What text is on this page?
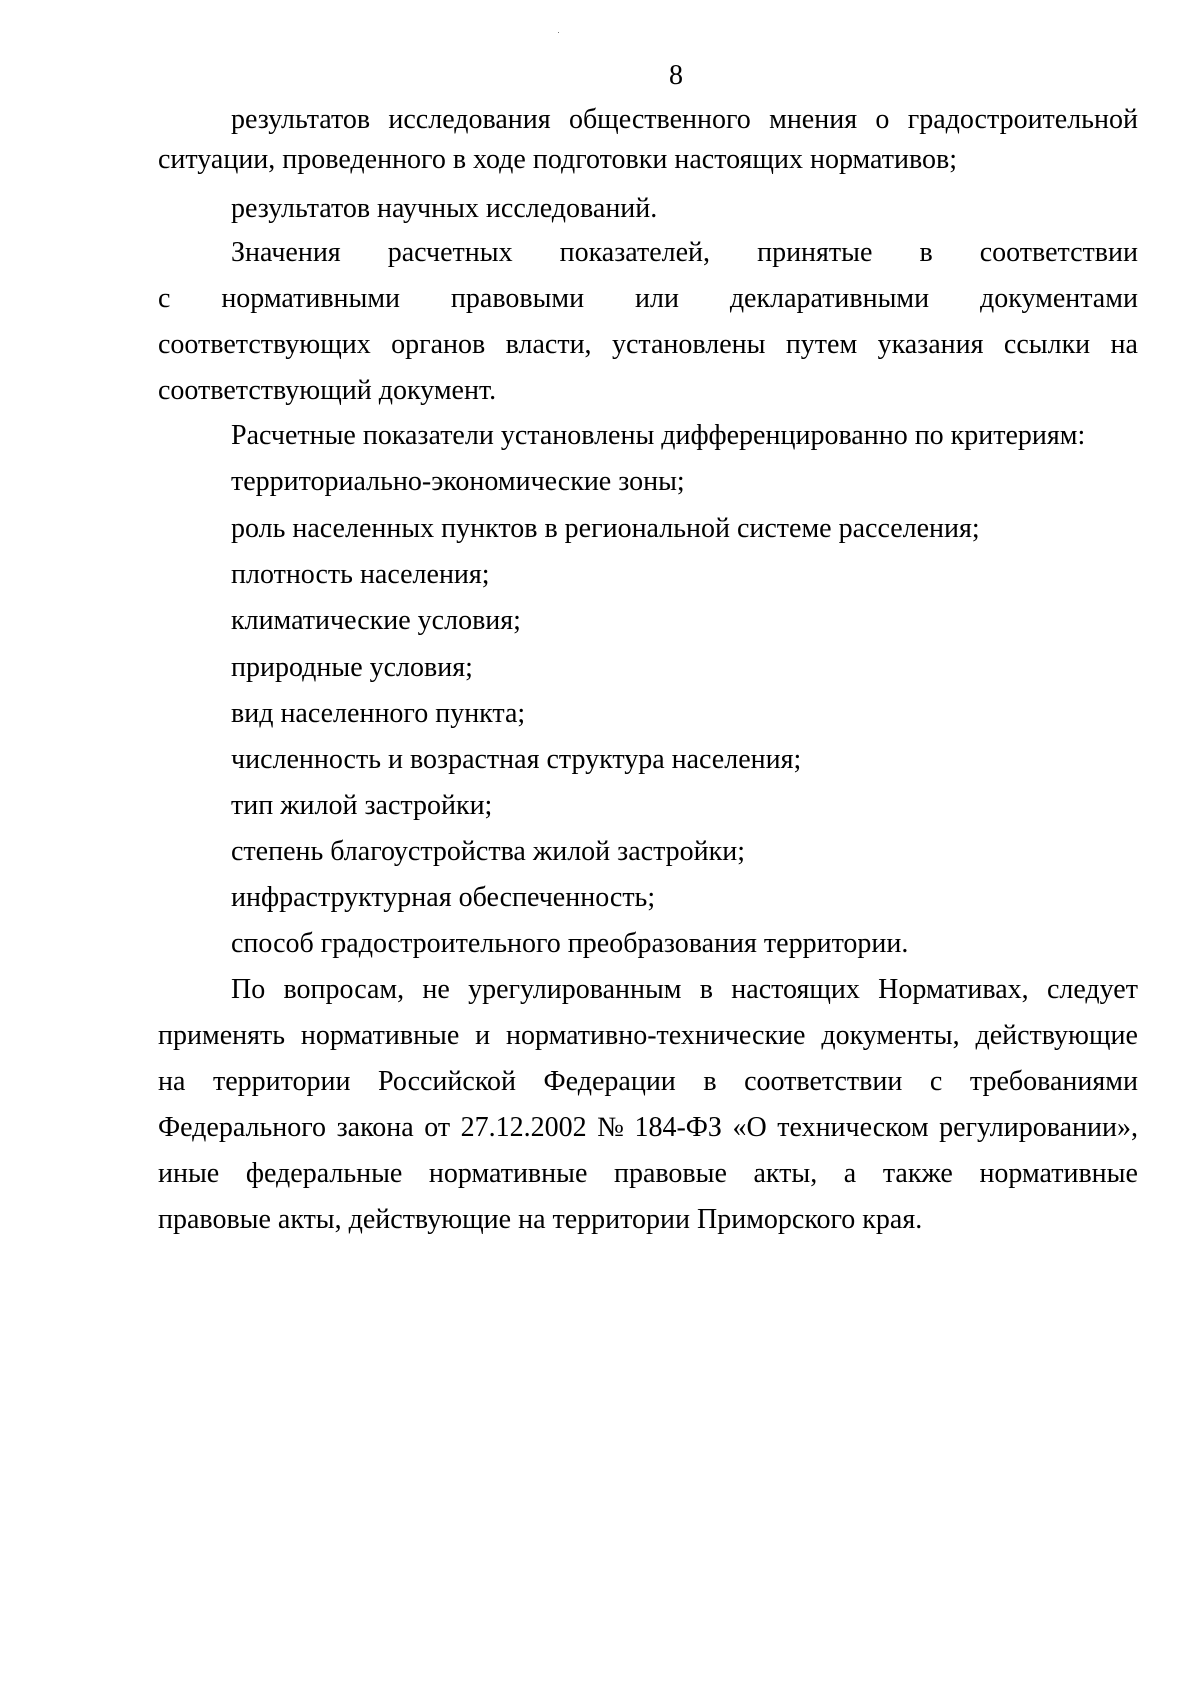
8
результатов исследования общественного мнения о градостроительной
ситуации, проведенного в ходе подготовки настоящих нормативов;
результатов научных исследований.
Значения расчетных показателей, принятые в соответствии
с нормативными правовыми или декларативными документами
соответствующих органов власти, установлены путем указания ссылки на
соответствующий документ.
Расчетные показатели установлены дифференцированно по критериям:
территориально-экономические зоны;
роль населенных пунктов в региональной системе расселения;
плотность населения;
климатические условия;
природные условия;
вид населенного пункта;
численность и возрастная структура населения;
тип жилой застройки;
степень благоустройства жилой застройки;
инфраструктурная обеспеченность;
способ градостроительного преобразования территории.
По вопросам, не урегулированным в настоящих Нормативах, следует
применять нормативные и нормативно-технические документы, действующие
на территории Российской Федерации в соответствии с требованиями
Федерального закона от 27.12.2002 № 184-ФЗ «О техническом регулировании»,
иные федеральные нормативные правовые акты, а также нормативные
правовые акты, действующие на территории Приморского края.
